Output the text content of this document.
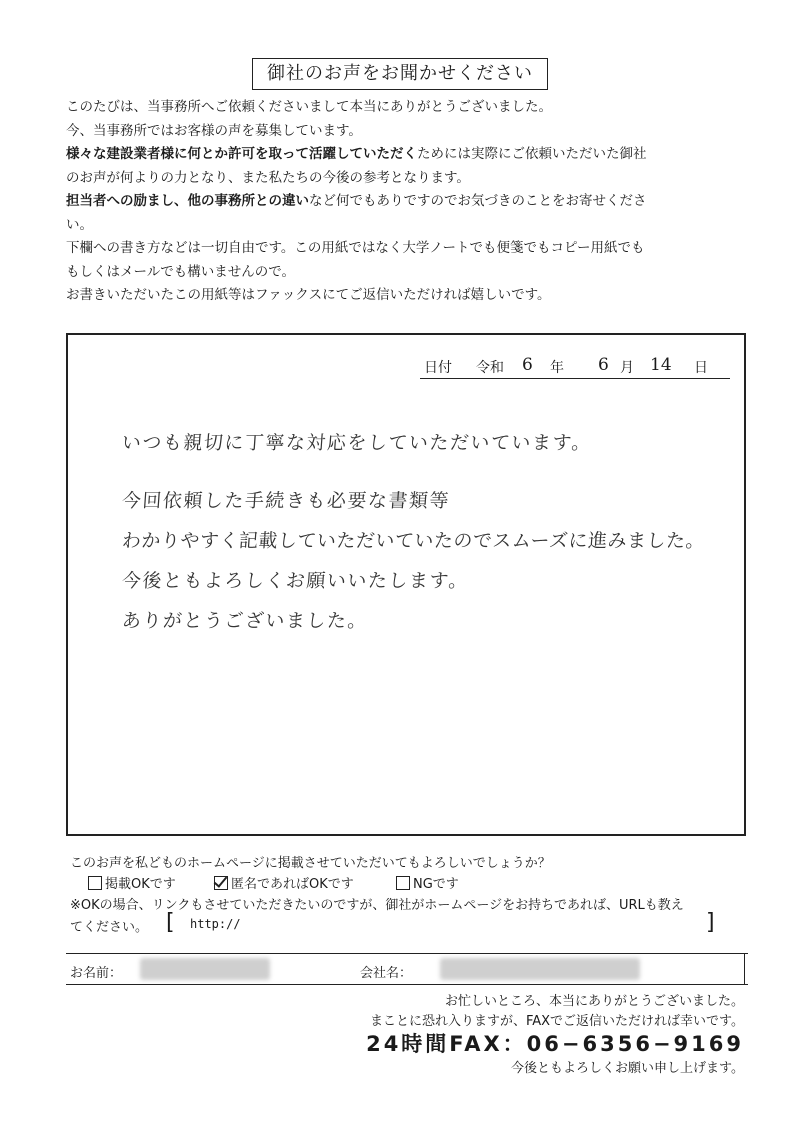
御社のお声をお聞かせください

このたびは、当事務所へご依頼くださいまして本当にありがとうございました。

今、当事務所ではお客様の声を募集しています。

様々な建設業者様に何とか許可を取って活躍していただくためには実際にご依頼いただいた御社

のお声が何よりの力となり、また私たちの今後の参考となります。

担当者への励まし、他の事務所との違いなど何でもありですのでお気づきのことをお寄せくださ

い。

下欄への書き方などは一切自由です。この用紙ではなく大学ノートでも便箋でもコピー用紙でも

もしくはメールでも構いませんので。

お書きいただいたこの用紙等はファックスにてご返信いただければ嬉しいです。

日付 令和 6 年 6 月 14 日
いつも親切に丁寧な対応をしていただいています。
今回依頼した手続きも必要な書類等
わかりやすく記載していただいていたのでスムーズに進みました。
今後ともよろしくお願いいたします。
ありがとうございました。
このお声を私どものホームページに掲載させていただいてもよろしいでしょうか？
掲載OKです	匿名であればOKです	NGです
※OKの場合、リンクもさせていただきたいのですが、御社がホームページをお持ちであれば、URLも教え
てください。 [ http://	]
お名前：	会社名：
お忙しいところ、本当にありがとうございました。
まことに恐れ入りますが、FAXでご返信いただければ幸いです。
24時間FAX：06−6356−9169
今後ともよろしくお願い申し上げます。
